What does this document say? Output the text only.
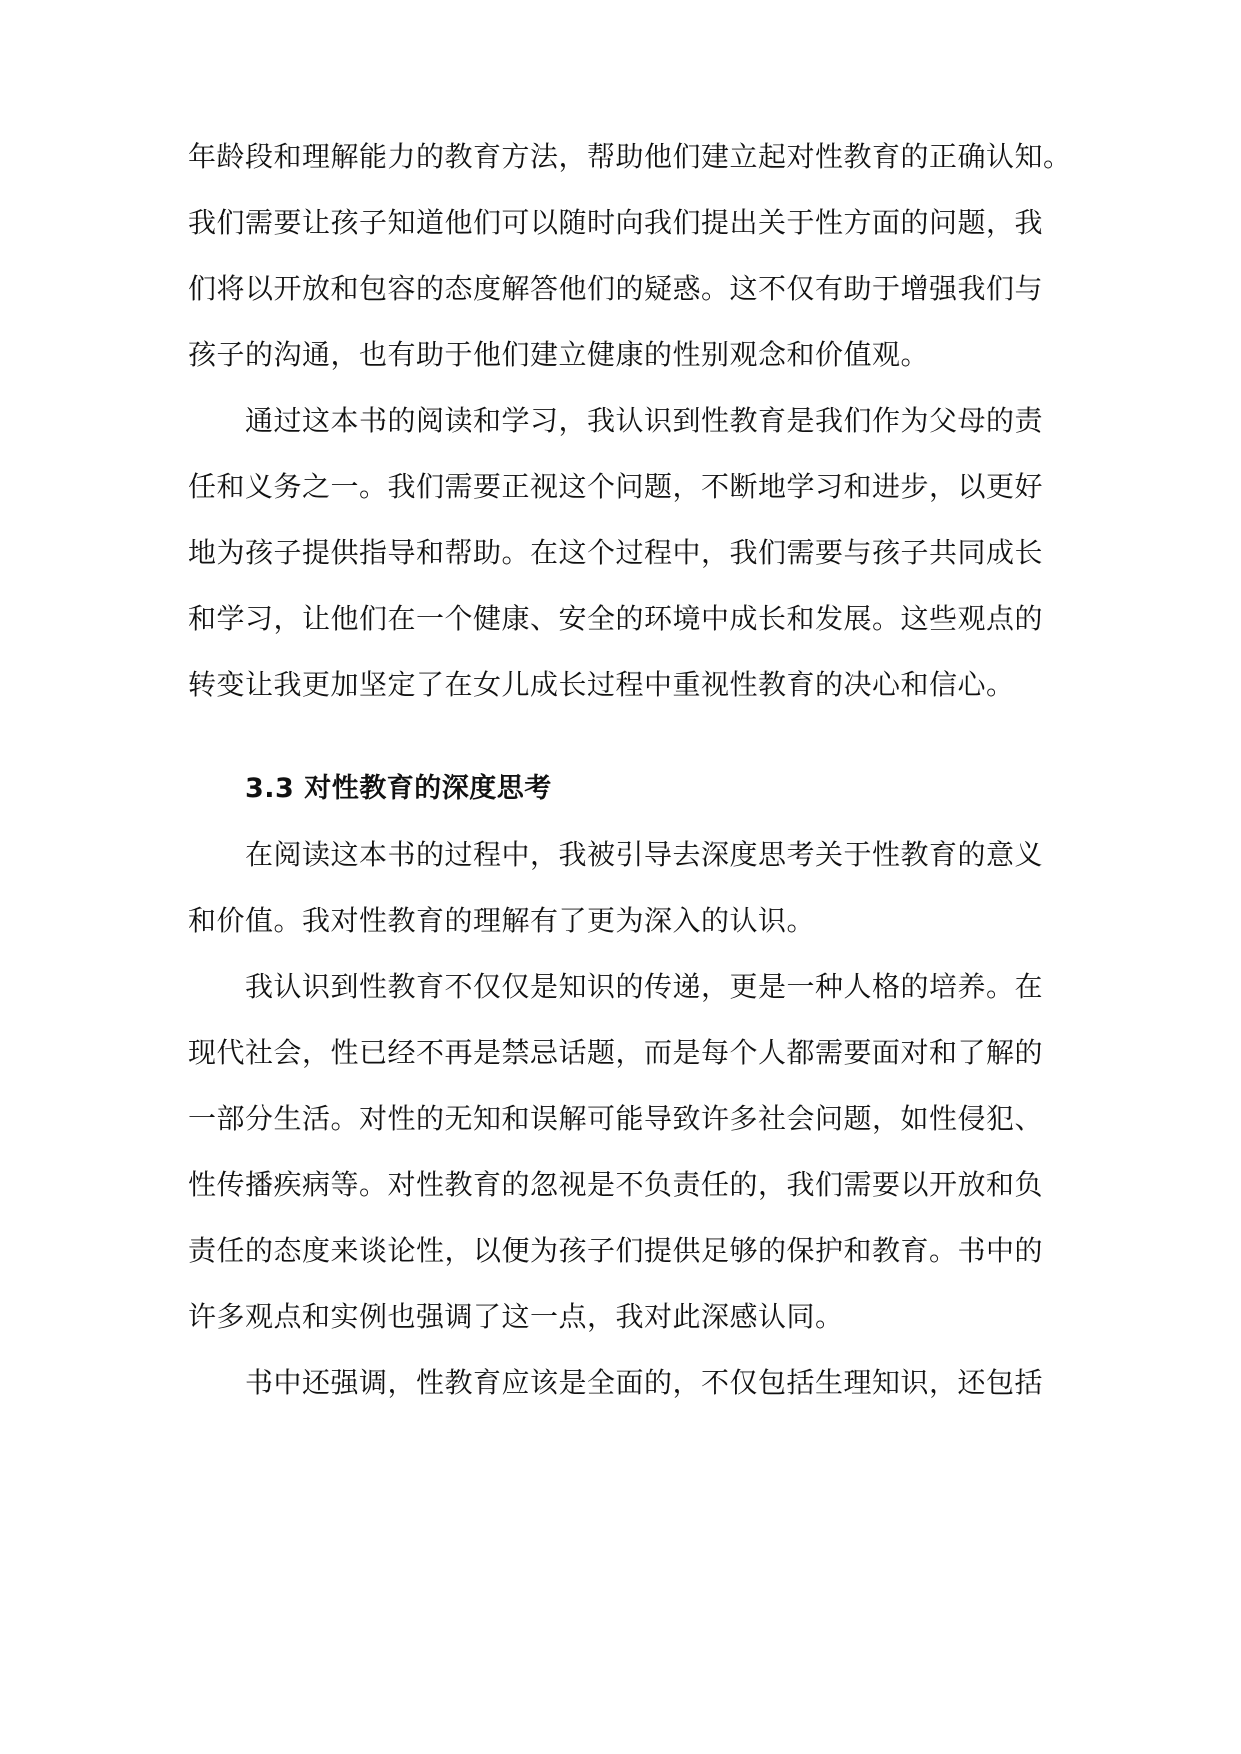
年龄段和理解能力的教育方法，帮助他们建立起对性教育的正确认知。
我们需要让孩子知道他们可以随时向我们提出关于性方面的问题，我
们将以开放和包容的态度解答他们的疑惑。这不仅有助于增强我们与
孩子的沟通，也有助于他们建立健康的性别观念和价值观。
通过这本书的阅读和学习，我认识到性教育是我们作为父母的责
任和义务之一。我们需要正视这个问题，不断地学习和进步，以更好
地为孩子提供指导和帮助。在这个过程中，我们需要与孩子共同成长
和学习，让他们在一个健康、安全的环境中成长和发展。这些观点的
转变让我更加坚定了在女儿成长过程中重视性教育的决心和信心。
3.3 对性教育的深度思考
在阅读这本书的过程中，我被引导去深度思考关于性教育的意义
和价值。我对性教育的理解有了更为深入的认识。
我认识到性教育不仅仅是知识的传递，更是一种人格的培养。在
现代社会，性已经不再是禁忌话题，而是每个人都需要面对和了解的
一部分生活。对性的无知和误解可能导致许多社会问题，如性侵犯、
性传播疾病等。对性教育的忽视是不负责任的，我们需要以开放和负
责任的态度来谈论性，以便为孩子们提供足够的保护和教育。书中的
许多观点和实例也强调了这一点，我对此深感认同。
书中还强调，性教育应该是全面的，不仅包括生理知识，还包括
